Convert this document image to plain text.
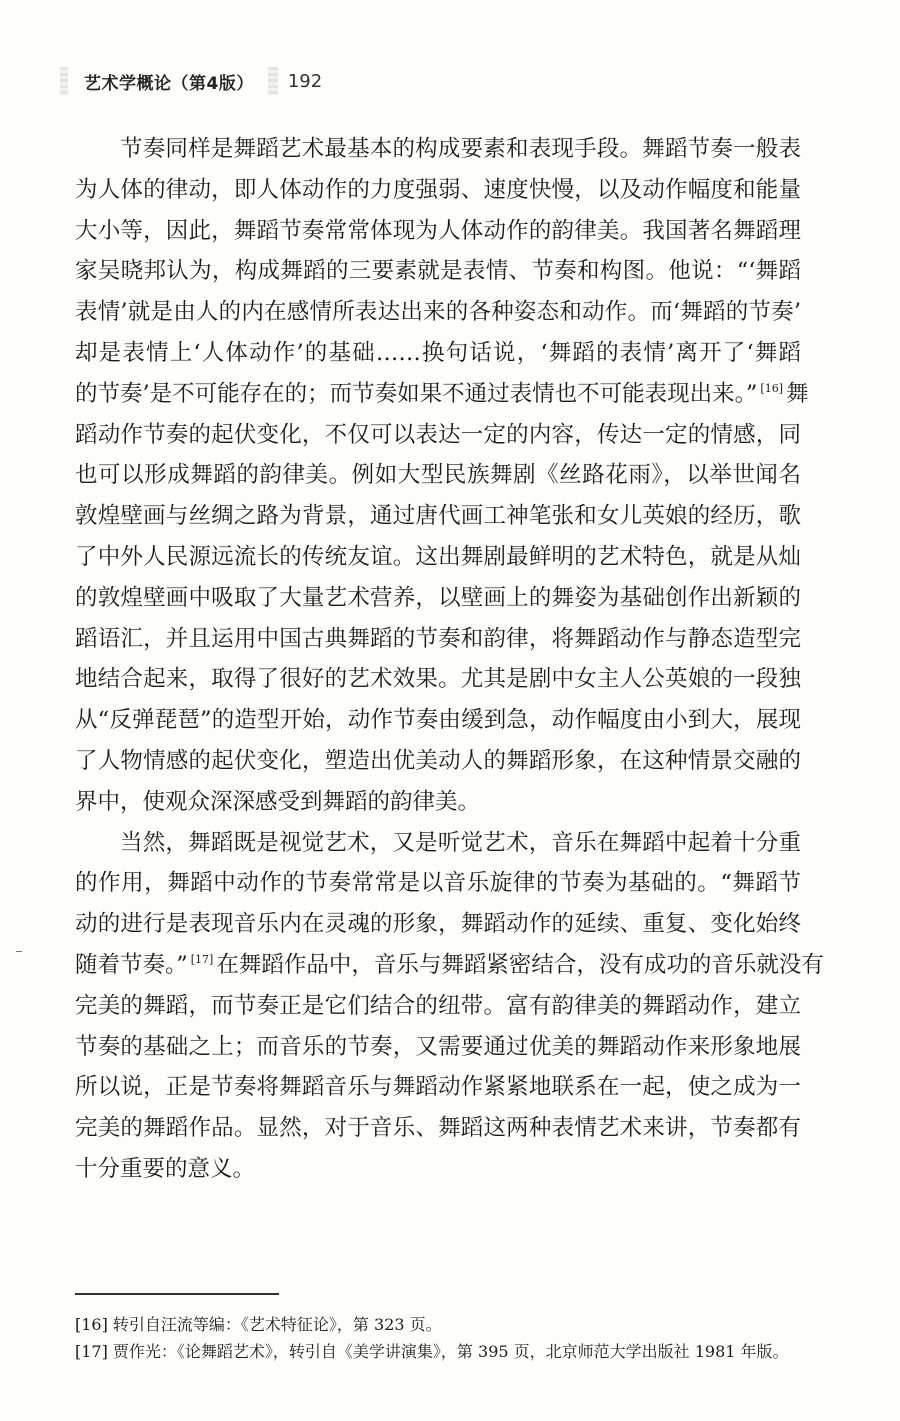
艺术学概论（第4版） 192
节奏同样是舞蹈艺术最基本的构成要素和表现手段。舞蹈节奏一般表
为人体的律动，即人体动作的力度强弱、速度快慢，以及动作幅度和能量
大小等，因此，舞蹈节奏常常体现为人体动作的韵律美。我国著名舞蹈理
家吴晓邦认为，构成舞蹈的三要素就是表情、节奏和构图。他说：“‘舞蹈
表情’就是由人的内在感情所表达出来的各种姿态和动作。而‘舞蹈的节奏’
却是表情上‘人体动作’的基础……换句话说，‘舞蹈的表情’离开了‘舞蹈
的节奏’是不可能存在的；而节奏如果不通过表情也不可能表现出来。” [16] 舞
蹈动作节奏的起伏变化，不仅可以表达一定的内容，传达一定的情感，同
也可以形成舞蹈的韵律美。例如大型民族舞剧《丝路花雨》，以举世闻名
敦煌壁画与丝绸之路为背景，通过唐代画工神笔张和女儿英娘的经历，歌
了中外人民源远流长的传统友谊。这出舞剧最鲜明的艺术特色，就是从灿
的敦煌壁画中吸取了大量艺术营养，以壁画上的舞姿为基础创作出新颖的
蹈语汇，并且运用中国古典舞蹈的节奏和韵律，将舞蹈动作与静态造型完
地结合起来，取得了很好的艺术效果。尤其是剧中女主人公英娘的一段独
从“反弹琵琶”的造型开始，动作节奏由缓到急，动作幅度由小到大，展现
了人物情感的起伏变化，塑造出优美动人的舞蹈形象，在这种情景交融的
界中，使观众深深感受到舞蹈的韵律美。
当然，舞蹈既是视觉艺术，又是听觉艺术，音乐在舞蹈中起着十分重
的作用，舞蹈中动作的节奏常常是以音乐旋律的节奏为基础的。“舞蹈节
动的进行是表现音乐内在灵魂的形象，舞蹈动作的延续、重复、变化始终
随着节奏。” [17] 在舞蹈作品中，音乐与舞蹈紧密结合，没有成功的音乐就没有
完美的舞蹈，而节奏正是它们结合的纽带。富有韵律美的舞蹈动作，建立
节奏的基础之上；而音乐的节奏，又需要通过优美的舞蹈动作来形象地展
所以说，正是节奏将舞蹈音乐与舞蹈动作紧紧地联系在一起，使之成为一
完美的舞蹈作品。显然，对于音乐、舞蹈这两种表情艺术来讲，节奏都有
十分重要的意义。
[16] 转引自汪流等编：《艺术特征论》，第 323 页。
[17] 贾作光：《论舞蹈艺术》，转引自《美学讲演集》，第 395 页，北京师范大学出版社 1981 年版。
